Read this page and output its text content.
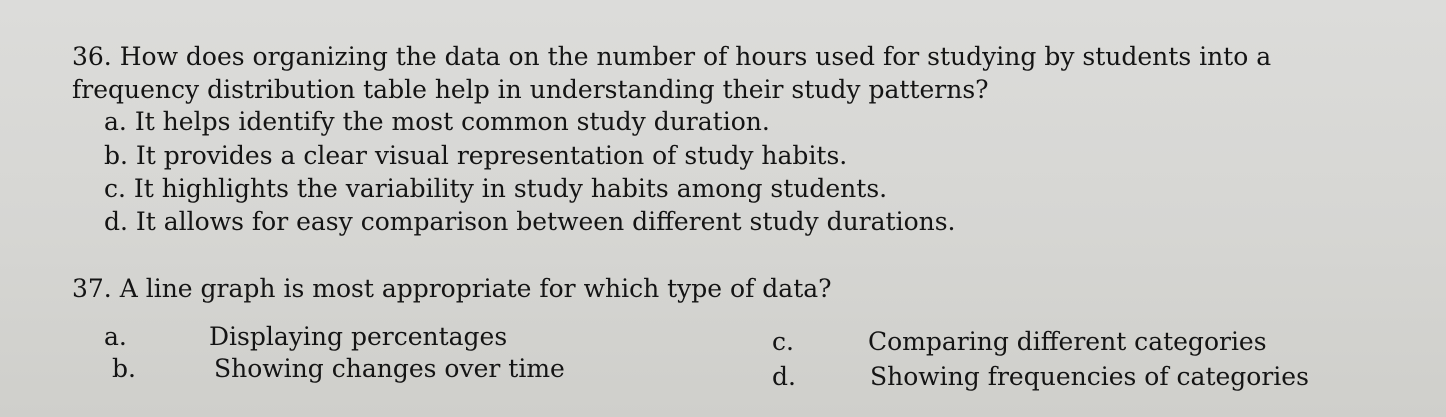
36. How does organizing the data on the number of hours used for studying by students into a
frequency distribution table help in understanding their study patterns?
a. It helps identify the most common study duration.
b. It provides a clear visual representation of study habits.
c. It highlights the variability in study habits among students.
d. It allows for easy comparison between different study durations.
37. A line graph is most appropriate for which type of data?
a.	Displaying percentages
b.	Showing changes over time
c.	Comparing different categories
d.	Showing frequencies of categories
